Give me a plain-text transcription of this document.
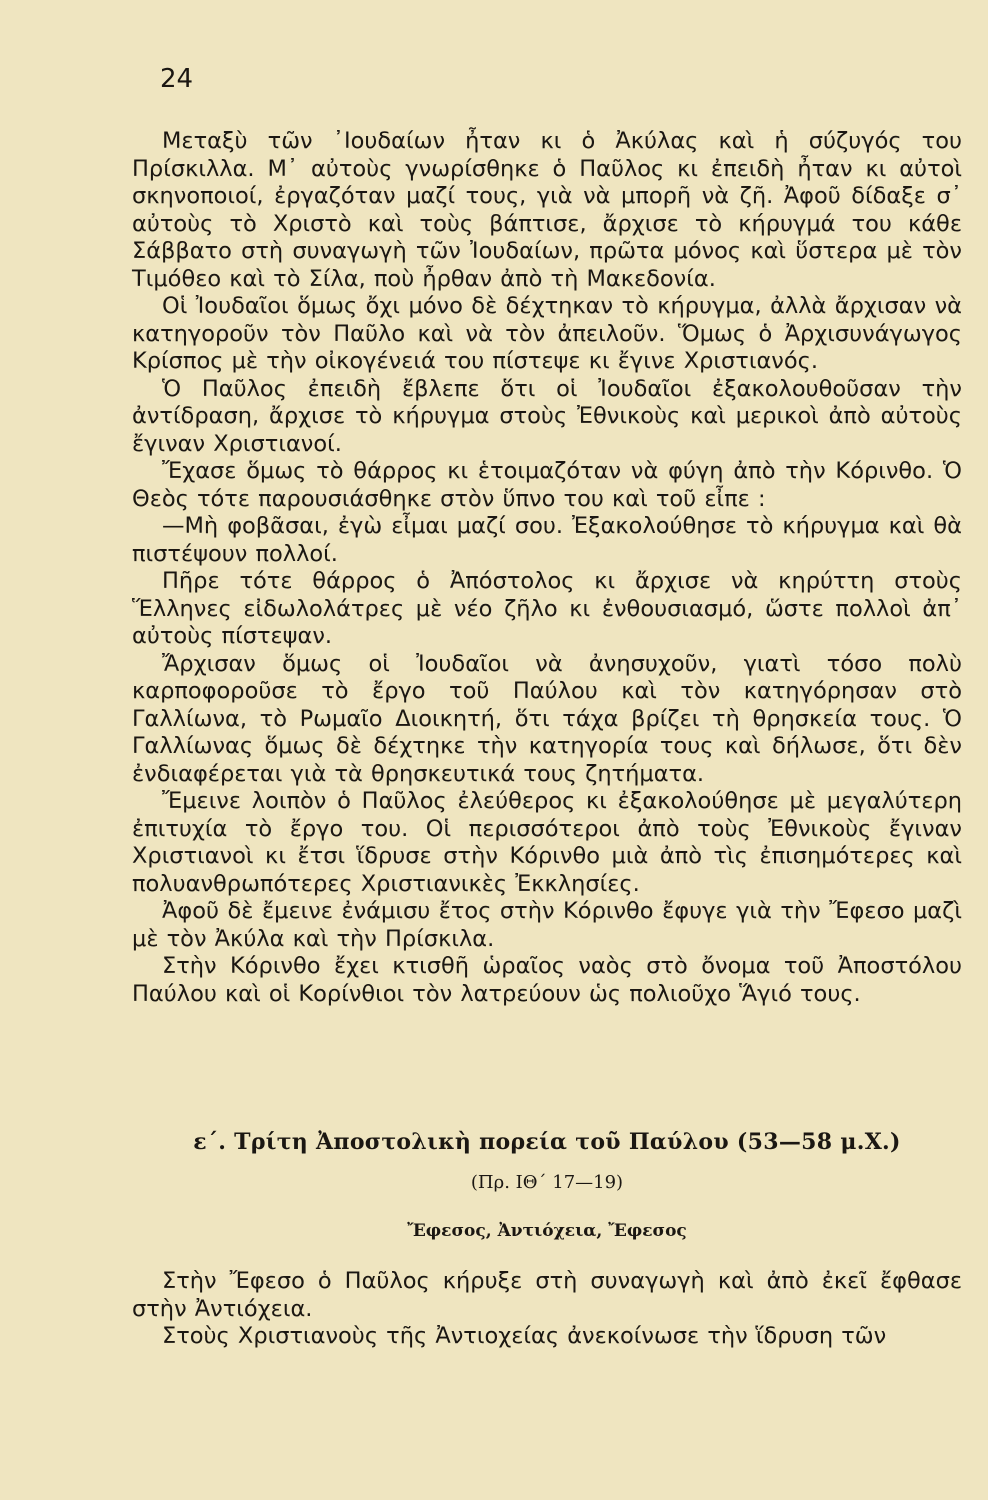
24

Μεταξὺ τῶν ᾿Ιουδαίων ἦταν κι ὁ Ἀκύλας καὶ ἡ σύζυγός του Πρίσκιλλα. Μ᾿ αὐτοὺς γνωρίσθηκε ὁ Παῦλος κι ἐπειδὴ ἦταν κι αὐτοὶ σκηνοποιοί, ἐργαζόταν μαζί τους, γιὰ νὰ μπορῆ νὰ ζῆ. Ἀφοῦ δίδαξε σ᾿ αὐτοὺς τὸ Χριστὸ καὶ τοὺς βάπτισε, ἄρχισε τὸ κήρυγμά του κάθε Σάββατο στὴ συναγωγὴ τῶν Ἰουδαίων, πρῶτα μόνος καὶ ὕστερα μὲ τὸν Τιμόθεο καὶ τὸ Σίλα, ποὺ ἦρθαν ἀπὸ τὴ Μακεδονία.

Οἱ Ἰουδαῖοι ὅμως ὄχι μόνο δὲ δέχτηκαν τὸ κήρυγμα, ἀλλὰ ἄρχισαν νὰ κατηγοροῦν τὸν Παῦλο καὶ νὰ τὸν ἀπειλοῦν. Ὅμως ὁ Ἀρχισυνάγωγος Κρίσπος μὲ τὴν οἰκογένειά του πίστεψε κι ἔγινε Χριστιανός.

Ὁ Παῦλος ἐπειδὴ ἔβλεπε ὅτι οἱ Ἰουδαῖοι ἐξακολουθοῦσαν τὴν ἀντίδραση, ἄρχισε τὸ κήρυγμα στοὺς Ἐθνικοὺς καὶ μερικοὶ ἀπὸ αὐτοὺς ἔγιναν Χριστιανοί.

Ἔχασε ὅμως τὸ θάρρος κι ἑτοιμαζόταν νὰ φύγη ἀπὸ τὴν Κόρινθο. Ὁ Θεὸς τότε παρουσιάσθηκε στὸν ὕπνο του καὶ τοῦ εἶπε :

—Μὴ φοβᾶσαι, ἐγὼ εἶμαι μαζί σου. Ἐξακολούθησε τὸ κήρυγμα καὶ θὰ πιστέψουν πολλοί.

Πῆρε τότε θάρρος ὁ Ἀπόστολος κι ἄρχισε νὰ κηρύττη στοὺς Ἕλληνες εἰδωλολάτρες μὲ νέο ζῆλο κι ἐνθουσιασμό, ὥστε πολλοὶ ἀπ᾿ αὐτοὺς πίστεψαν.

Ἄρχισαν ὅμως οἱ Ἰουδαῖοι νὰ ἀνησυχοῦν, γιατὶ τόσο πολὺ καρποφοροῦσε τὸ ἔργο τοῦ Παύλου καὶ τὸν κατηγόρησαν στὸ Γαλλίωνα, τὸ Ρωμαῖο Διοικητή, ὅτι τάχα βρίζει τὴ θρησκεία τους. Ὁ Γαλλίωνας ὅμως δὲ δέχτηκε τὴν κατηγορία τους καὶ δήλωσε, ὅτι δὲν ἐνδιαφέρεται γιὰ τὰ θρησκευτικά τους ζητήματα.

Ἔμεινε λοιπὸν ὁ Παῦλος ἐλεύθερος κι ἐξακολούθησε μὲ μεγαλύτερη ἐπιτυχία τὸ ἔργο του. Οἱ περισσότεροι ἀπὸ τοὺς Ἐθνικοὺς ἔγιναν Χριστιανοὶ κι ἔτσι ἵδρυσε στὴν Κόρινθο μιὰ ἀπὸ τὶς ἐπισημότερες καὶ πολυανθρωπότερες Χριστιανικὲς Ἐκκλησίες.

Ἀφοῦ δὲ ἔμεινε ἐνάμισυ ἔτος στὴν Κόρινθο ἔφυγε γιὰ τὴν Ἔφεσο μαζὶ μὲ τὸν Ἀκύλα καὶ τὴν Πρίσκιλα.

Στὴν Κόρινθο ἔχει κτισθῆ ὡραῖος ναὸς στὸ ὄνομα τοῦ Ἀποστόλου Παύλου καὶ οἱ Κορίνθιοι τὸν λατρεύουν ὡς πολιοῦχο Ἅγιό τους.

ε΄. Τρίτη Ἀποστολικὴ πορεία τοῦ Παύλου (53—58 μ.Χ.)

(Πρ. ΙΘ΄ 17—19)

Ἔφεσος, Ἀντιόχεια, Ἔφεσος

Στὴν Ἔφεσο ὁ Παῦλος κήρυξε στὴ συναγωγὴ καὶ ἀπὸ ἐκεῖ ἔφθασε στὴν Ἀντιόχεια.

Στοὺς Χριστιανοὺς τῆς Ἀντιοχείας ἀνεκοίνωσε τὴν ἵδρυση τῶν
